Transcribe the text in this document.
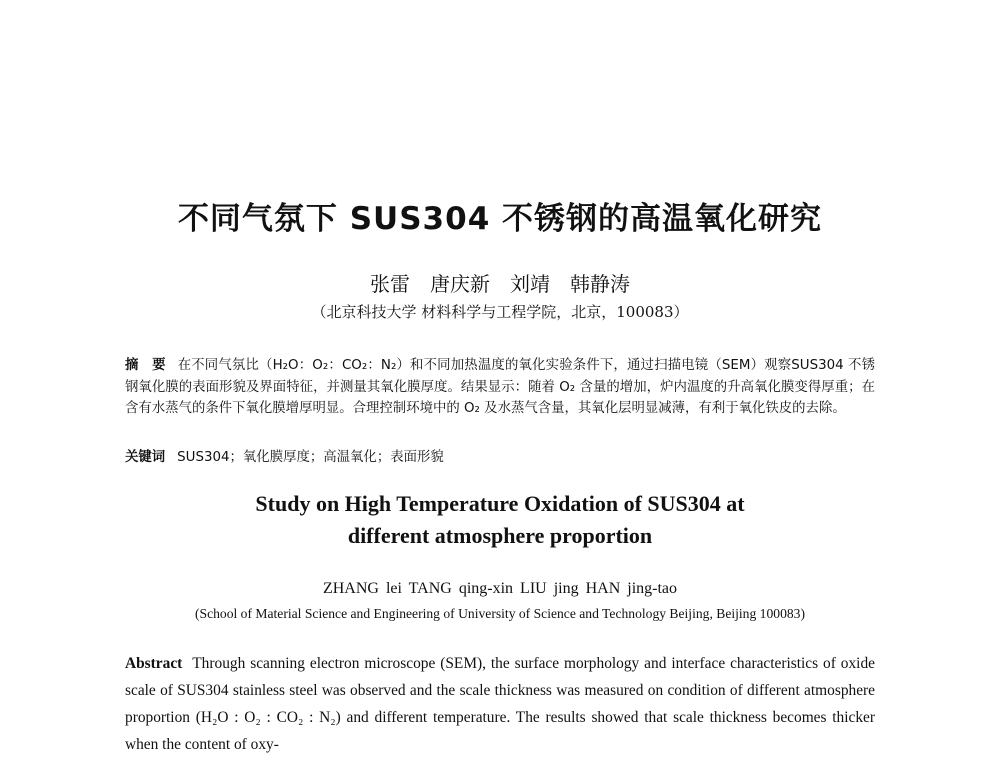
不同气氛下 SUS304 不锈钢的高温氧化研究

张雷　唐庆新　刘靖　韩静涛

（北京科技大学 材料科学与工程学院，北京，100083）

摘　要 在不同气氛比（H₂O：O₂：CO₂：N₂）和不同加热温度的氧化实验条件下，通过扫描电镜（SEM）观察SUS304 不锈钢氧化膜的表面形貌及界面特征，并测量其氧化膜厚度。结果显示：随着 O₂ 含量的增加，炉内温度的升高氧化膜变得厚重；在含有水蒸气的条件下氧化膜增厚明显。合理控制环境中的 O₂ 及水蒸气含量，其氧化层明显减薄，有利于氧化铁皮的去除。

关键词 SUS304；氧化膜厚度；高温氧化；表面形貌

Study on High Temperature Oxidation of SUS304 at
different atmosphere proportion

ZHANG lei TANG qing-xin LIU jing HAN jing-tao

(School of Material Science and Engineering of University of Science and Technology Beijing, Beijing 100083)

Abstract Through scanning electron microscope (SEM), the surface morphology and interface characteristics of oxide scale of SUS304 stainless steel was observed and the scale thickness was measured on condition of different atmosphere proportion (H₂O : O₂ : CO₂ : N₂) and different temperature. The results showed that scale thickness becomes thicker when the content of oxy-
